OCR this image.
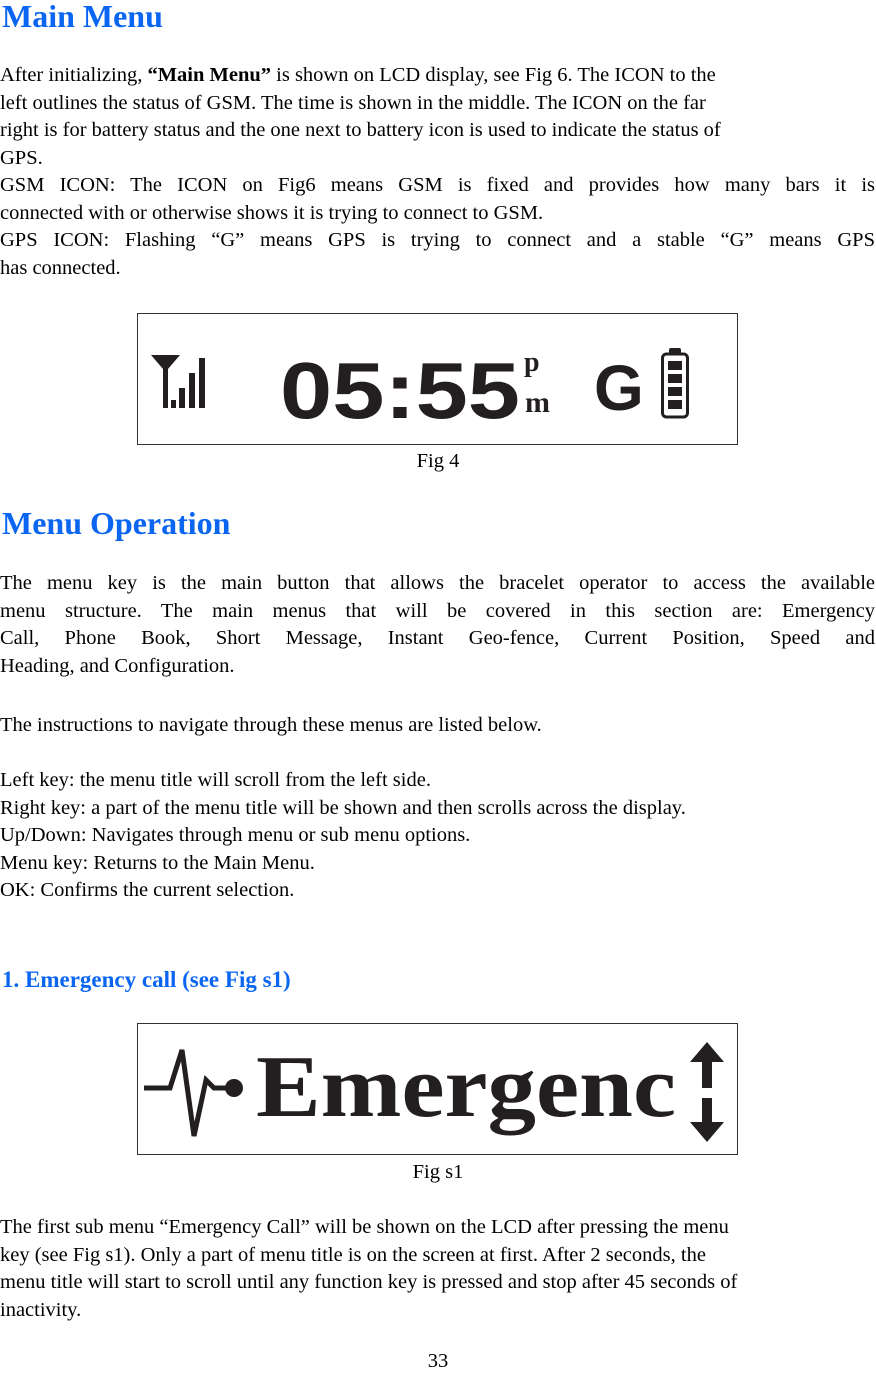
Main Menu
After initializing, “Main Menu” is shown on LCD display, see Fig 6. The ICON to the
left outlines the status of GSM. The time is shown in the middle. The ICON on the far
right is for battery status and the one next to battery icon is used to indicate the status of
GPS.
GSM ICON: The ICON on Fig6 means GSM is fixed and provides how many bars it is
connected with or otherwise shows it is trying to connect to GSM.
GPS ICON: Flashing “G” means GPS is trying to connect and a stable “G” means GPS
has connected.
05:55 p
m G
Fig 4
Menu Operation
The menu key is the main button that allows the bracelet operator to access the available
menu structure. The main menus that will be covered in this section are: Emergency
Call, Phone Book, Short Message, Instant Geo-fence, Current Position, Speed and
Heading, and Configuration.
The instructions to navigate through these menus are listed below.
Left key: the menu title will scroll from the left side.
Right key: a part of the menu title will be shown and then scrolls across the display.
Up/Down: Navigates through menu or sub menu options.
Menu key: Returns to the Main Menu.
OK: Confirms the current selection.
1. Emergency call (see Fig s1)
Emergenc
Fig s1
The first sub menu “Emergency Call” will be shown on the LCD after pressing the menu
key (see Fig s1). Only a part of menu title is on the screen at first. After 2 seconds, the
menu title will start to scroll until any function key is pressed and stop after 45 seconds of
inactivity.
33
